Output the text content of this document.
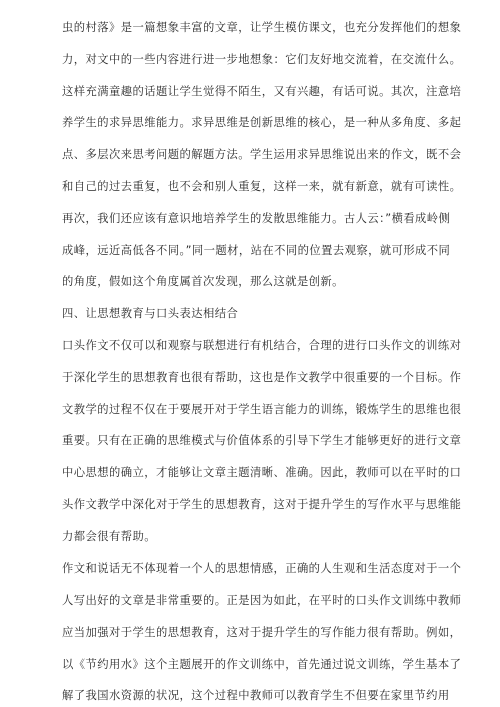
虫的村落》是一篇想象丰富的文章，让学生模仿课文，也充分发挥他们的想象
力，对文中的一些内容进行进一步地想象：它们友好地交流着，在交流什么。
这样充满童趣的话题让学生觉得不陌生，又有兴趣，有话可说。其次，注意培
养学生的求异思维能力。求异思维是创新思维的核心，是一种从多角度、多起
点、多层次来思考问题的解题方法。学生运用求异思维说出来的作文，既不会
和自己的过去重复，也不会和别人重复，这样一来，就有新意，就有可读性。
再次，我们还应该有意识地培养学生的发散思维能力。古人云：”横看成岭侧
成峰，远近高低各不同。”同一题材，站在不同的位置去观察，就可形成不同
的角度，假如这个角度属首次发现，那么这就是创新。
四、让思想教育与口头表达相结合
口头作文不仅可以和观察与联想进行有机结合，合理的进行口头作文的训练对
于深化学生的思想教育也很有帮助，这也是作文教学中很重要的一个目标。作
文教学的过程不仅在于要展开对于学生语言能力的训练，锻炼学生的思维也很
重要。只有在正确的思维模式与价值体系的引导下学生才能够更好的进行文章
中心思想的确立，才能够让文章主题清晰、准确。因此，教师可以在平时的口
头作文教学中深化对于学生的思想教育，这对于提升学生的写作水平与思维能
力都会很有帮助。
作文和说话无不体现着一个人的思想情感，正确的人生观和生活态度对于一个
人写出好的文章是非常重要的。正是因为如此，在平时的口头作文训练中教师
应当加强对于学生的思想教育，这对于提升学生的写作能力很有帮助。例如，
以《节约用水》这个主题展开的作文训练中，首先通过说文训练，学生基本了
解了我国水资源的状况，这个过程中教师可以教育学生不但要在家里节约用
